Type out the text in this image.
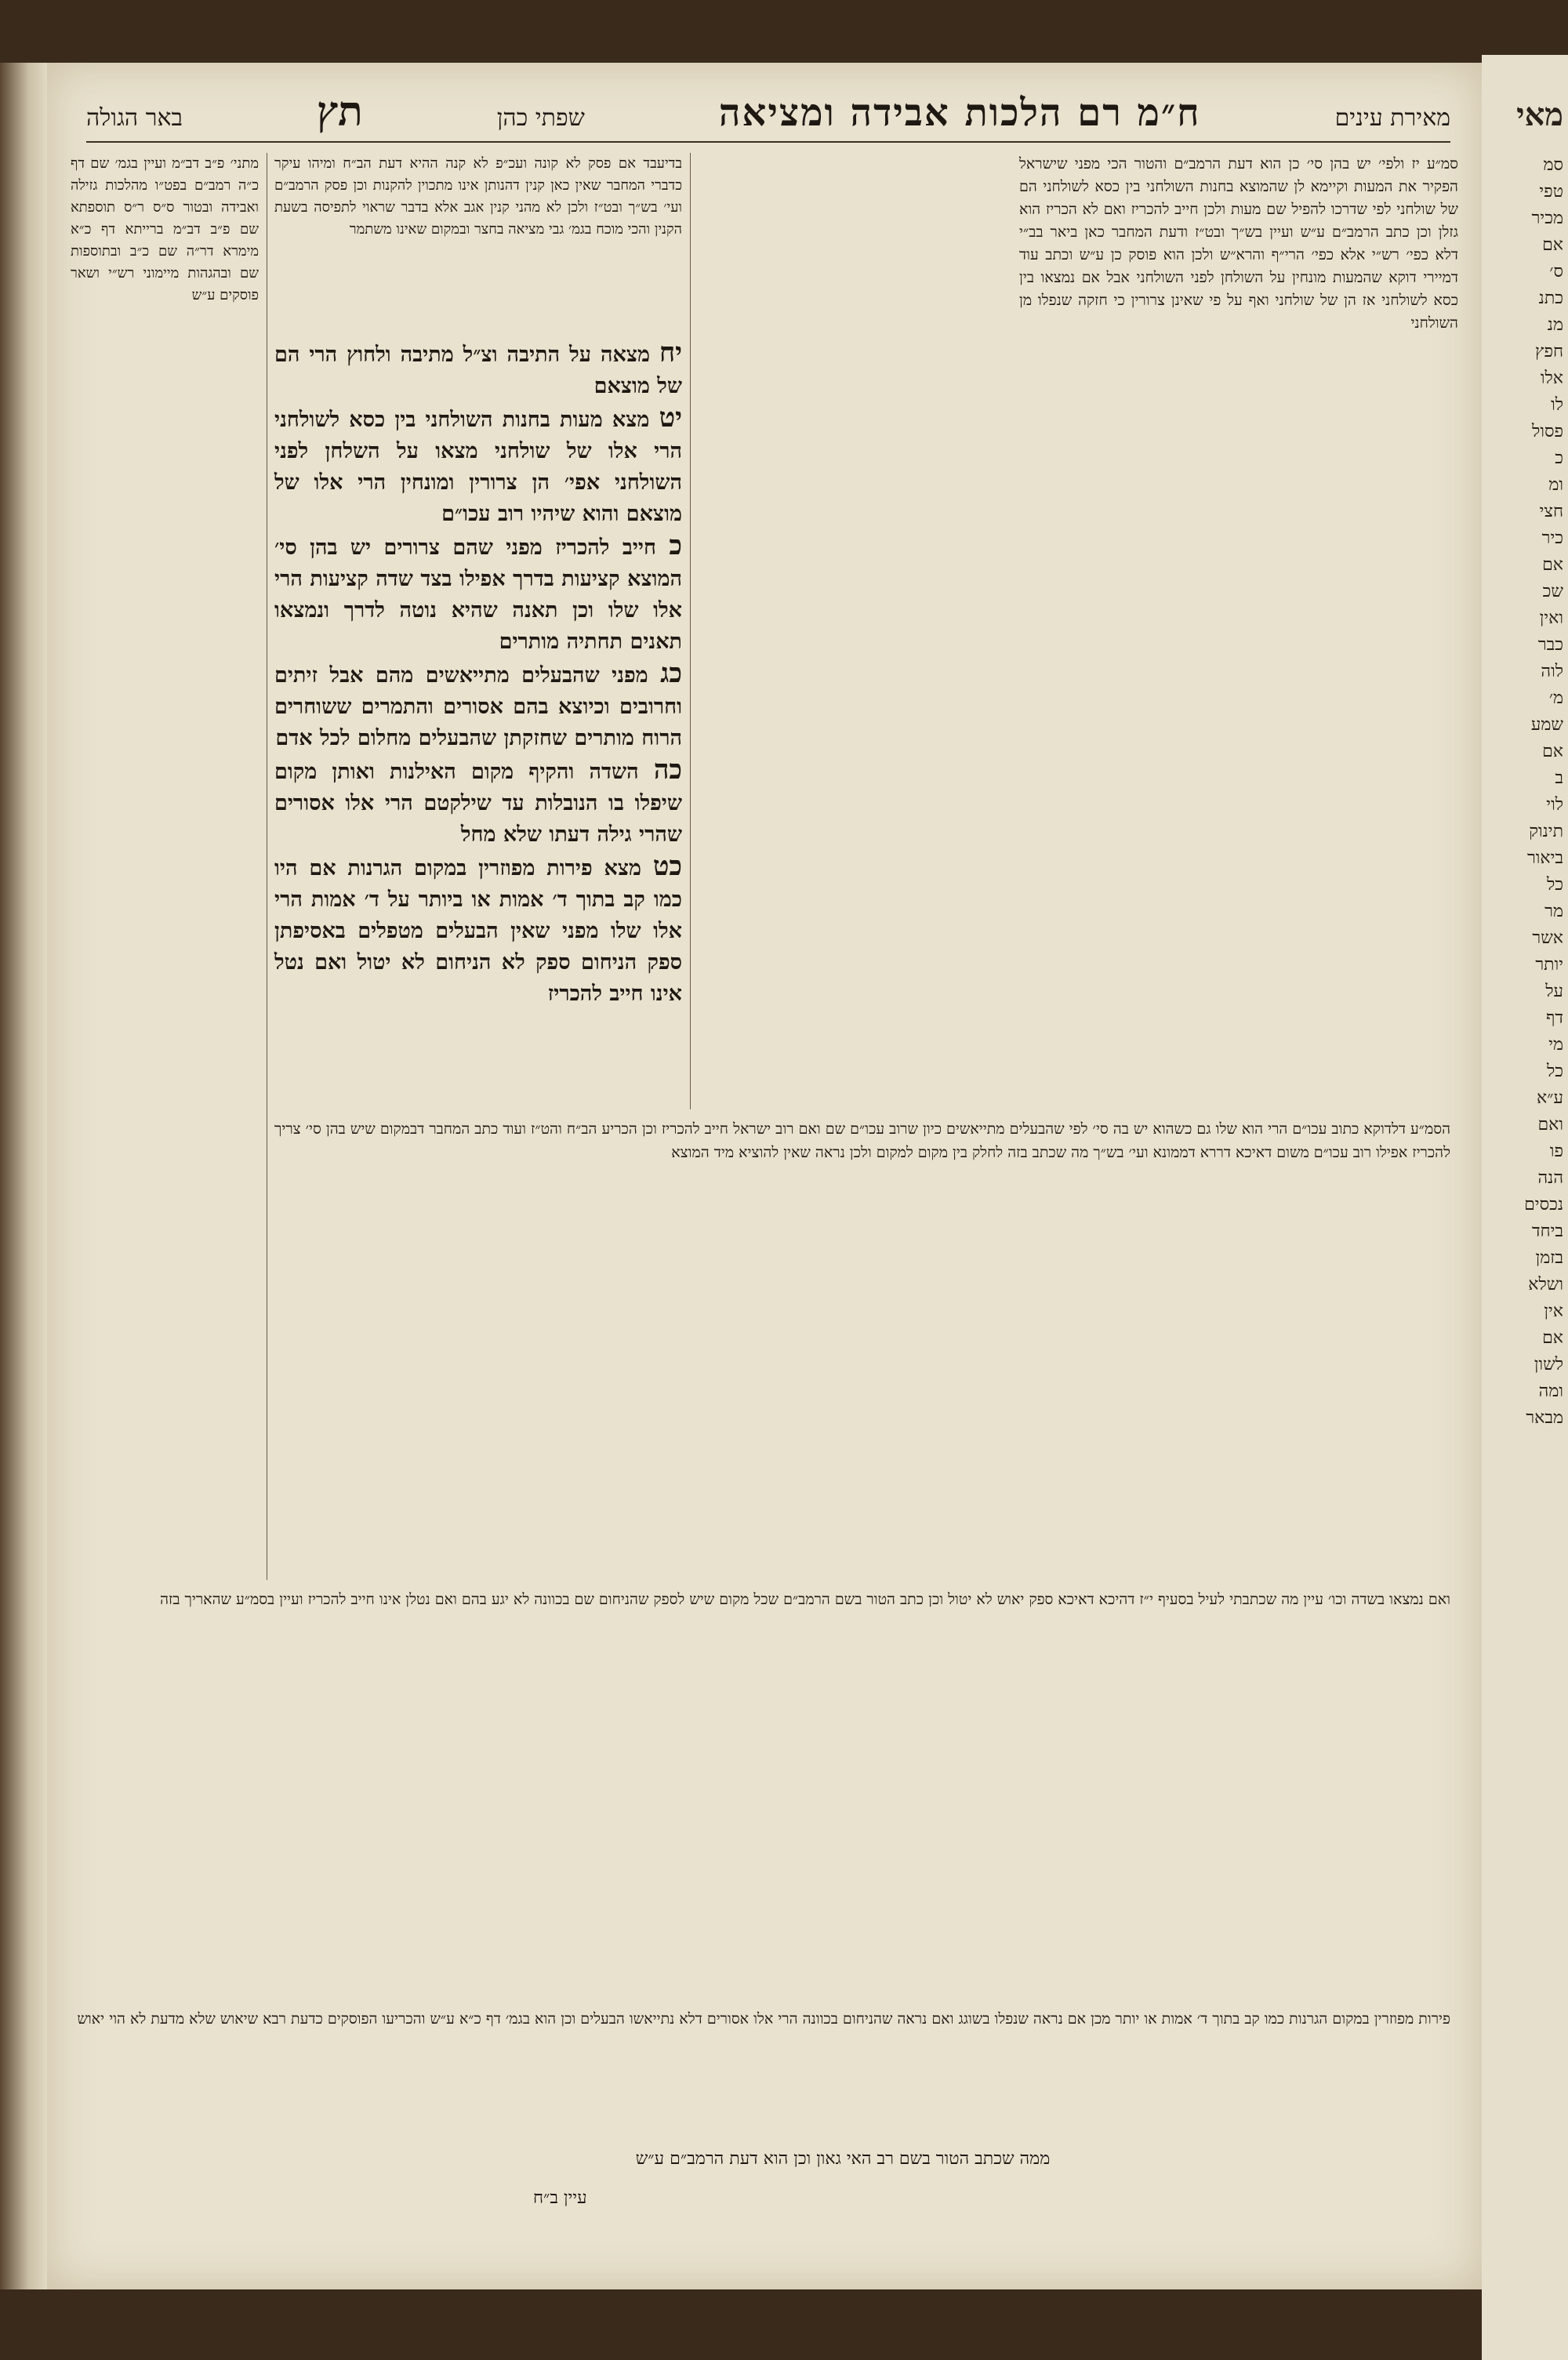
באר הגולה	תץ	שפתי כהן	ח״מ רם הלכות אבידה ומציאה	מאירת עינים

סמ״ע יז ולפי׳ יש בהן סי׳ כן הוא דעת הרמב״ם והטור הכי מפני שישראל הפקיר את המעות וקיימא לן שהמוצא בחנות השולחני בין כסא לשולחני הם של שולחני לפי שדרכו להפיל שם מעות ולכן חייב להכריז ואם לא הכריז הוא גזלן וכן כתב הרמב״ם ע״ש ועיין בש״ך ובט״ז ודעת המחבר כאן ביאר בב״י דלא כפי׳ רש״י אלא כפי׳ הרי״ף והרא״ש ולכן הוא פוסק כן ע״ש וכתב עוד דמיירי דוקא שהמעות מונחין על השולחן לפני השולחני אבל אם נמצאו בין כסא לשולחני אז הן של שולחני ואף על פי שאינן צרורין כי חזקה שנפלו מן השולחני

בדיעבד אם פסק לא קונה ועכ״פ לא קנה ההיא דעת הב״ח ומיהו עיקר כדברי המחבר שאין כאן קנין דהנותן אינו מתכוין להקנות וכן פסק הרמב״ם ועי׳ בש״ך ובט״ז ולכן לא מהני קנין אגב אלא בדבר שראוי לתפיסה בשעת הקנין והכי מוכח בגמ׳ גבי מציאה בחצר ובמקום שאינו משתמר

יח מצאה על התיבה וצ״ל מתיבה ולחוץ הרי הם של מוצאם

יט מצא מעות בחנות השולחני בין כסא לשולחני הרי אלו של שולחני מצאו על השלחן לפני השולחני אפי׳ הן צרורין ומונחין הרי אלו של מוצאם והוא שיהיו רוב עכו״ם

כ חייב להכריז מפני שהם צרורים יש בהן סי׳ המוצא קציעות בדרך אפילו בצד שדה קציעות הרי אלו שלו וכן תאנה שהיא נוטה לדרך ונמצאו תאנים תחתיה מותרים

כג מפני שהבעלים מתייאשים מהם אבל זיתים וחרובים וכיוצא בהם אסורים והתמרים ששוחרים הרוח מותרים שחזקתן שהבעלים מחלום לכל אדם

כה השדה והקיף מקום האילנות ואותן מקום שיפלו בו הנובלות עד שילקטם הרי אלו אסורים שהרי גילה דעתו שלא מחל

כט מצא פירות מפוזרין במקום הגרנות אם היו כמו קב בתוך ד׳ אמות או ביותר על ד׳ אמות הרי אלו שלו מפני שאין הבעלים מטפלים באסיפתן ספק הניחום ספק לא הניחום לא יטול ואם נטל אינו חייב להכריז

מתני׳ פ״ב דב״מ ועיין בגמ׳ שם דף כ״ה רמב״ם בפט״ו מהלכות גזילה ואבידה ובטור ס״ס ר״ס תוספתא שם פ״ב דב״מ ברייתא דף כ״א מימרא דר״ה שם כ״ב ובתוספות שם ובהגהות מיימוני רש״י ושאר פוסקים ע״ש

הסמ״ע דלדוקא כתוב עכו״ם הרי הוא שלו גם כשהוא יש בה סי׳ לפי שהבעלים מתייאשים כיון שרוב עכו״ם שם ואם רוב ישראל חייב להכריז וכן הכריע הב״ח והט״ז ועוד כתב המחבר דבמקום שיש בהן סי׳ צריך להכריז אפילו רוב עכו״ם משום דאיכא דררא דממונא ועי׳ בש״ך מה שכתב בזה לחלק בין מקום למקום ולכן נראה שאין להוציא מיד המוצא

ואם נמצאו בשדה וכו׳ עיין מה שכתבתי לעיל בסעיף י״ז דהיכא דאיכא ספק יאוש לא יטול וכן כתב הטור בשם הרמב״ם שכל מקום שיש לספק שהניחום שם בכוונה לא יגע בהם ואם נטלן אינו חייב להכריז ועיין בסמ״ע שהאריך בזה

פירות מפוזרין במקום הגרנות כמו קב בתוך ד׳ אמות או יותר מכן אם נראה שנפלו בשוגג ואם נראה שהניחום בכוונה הרי אלו אסורים דלא נתייאשו הבעלים וכן הוא בגמ׳ דף כ״א ע״ש והכריעו הפוסקים כדעת רבא שיאוש שלא מדעת לא הוי יאוש

ממה שכתב הטור בשם רב האי גאון וכן הוא דעת הרמב״ם ע״ש
עיין ב״ח
מאי
סמ
טפי
מכיר
אם
ס׳
כתנ
מנ
חפץ
אלו
לו
פסול
כ
ומ
חצי
כיר
אם
שכ
ואין
כבר
לוה
מ׳
שמע
אם
ב
לוי
תינוק
ביאור
כל
מר
אשר
יותר
על
דף
מי
כל
ע״א
ואם
פו
הנה
נכסים
ביחד
בזמן
ושלא
אין
אם
לשון
ומה
מבאר
